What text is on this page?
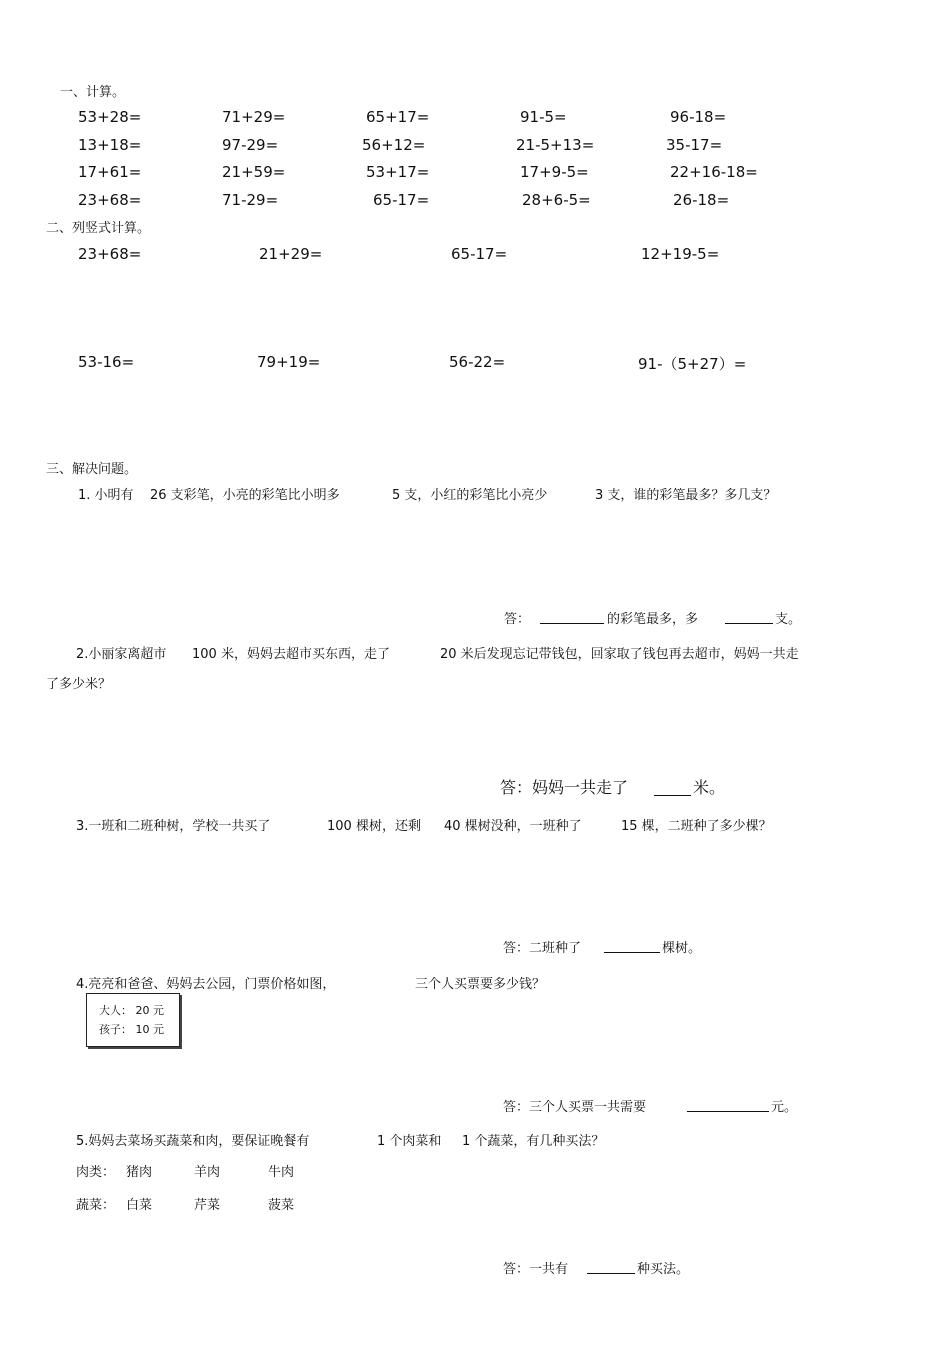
一、计算。
53+28=	71+29=	65+17=	91-5=	96-18=
13+18=	97-29=	56+12=	21-5+13=	35-17=
17+61=	21+59=	53+17=	17+9-5=	22+16-18=
23+68=	71-29=	65-17=	28+6-5=	26-18=
二、列竖式计算。
23+68=	21+29=	65-17=	12+19-5=
53-16=	79+19=	56-22=	91-（5+27）=
三、解决问题。
1. 小明有 26 支彩笔，小亮的彩笔比小明多	5 支，小红的彩笔比小亮少	3 支，谁的彩笔最多？多几支？
答：	的彩笔最多，多	支。
2.小丽家离超市 100 米，妈妈去超市买东西，走了	20 米后发现忘记带钱包，回家取了钱包再去超市，妈妈一共走
了多少米？
答：妈妈一共走了	米。
3.一班和二班种树，学校一共买了	100 棵树，还剩 40 棵树没种，一班种了	15 棵，二班种了多少棵？
答：二班种了	棵树。
4.亮亮和爸爸、妈妈去公园，门票价格如图，	三个人买票要多少钱？
大人： 20 元
孩子： 10 元
答：三个人买票一共需要	元。
5.妈妈去菜场买蔬菜和肉，要保证晚餐有	1 个肉菜和 1 个蔬菜，有几种买法？
肉类： 猪肉	羊肉	牛肉
蔬菜： 白菜	芹菜	菠菜
答：一共有	种买法。
